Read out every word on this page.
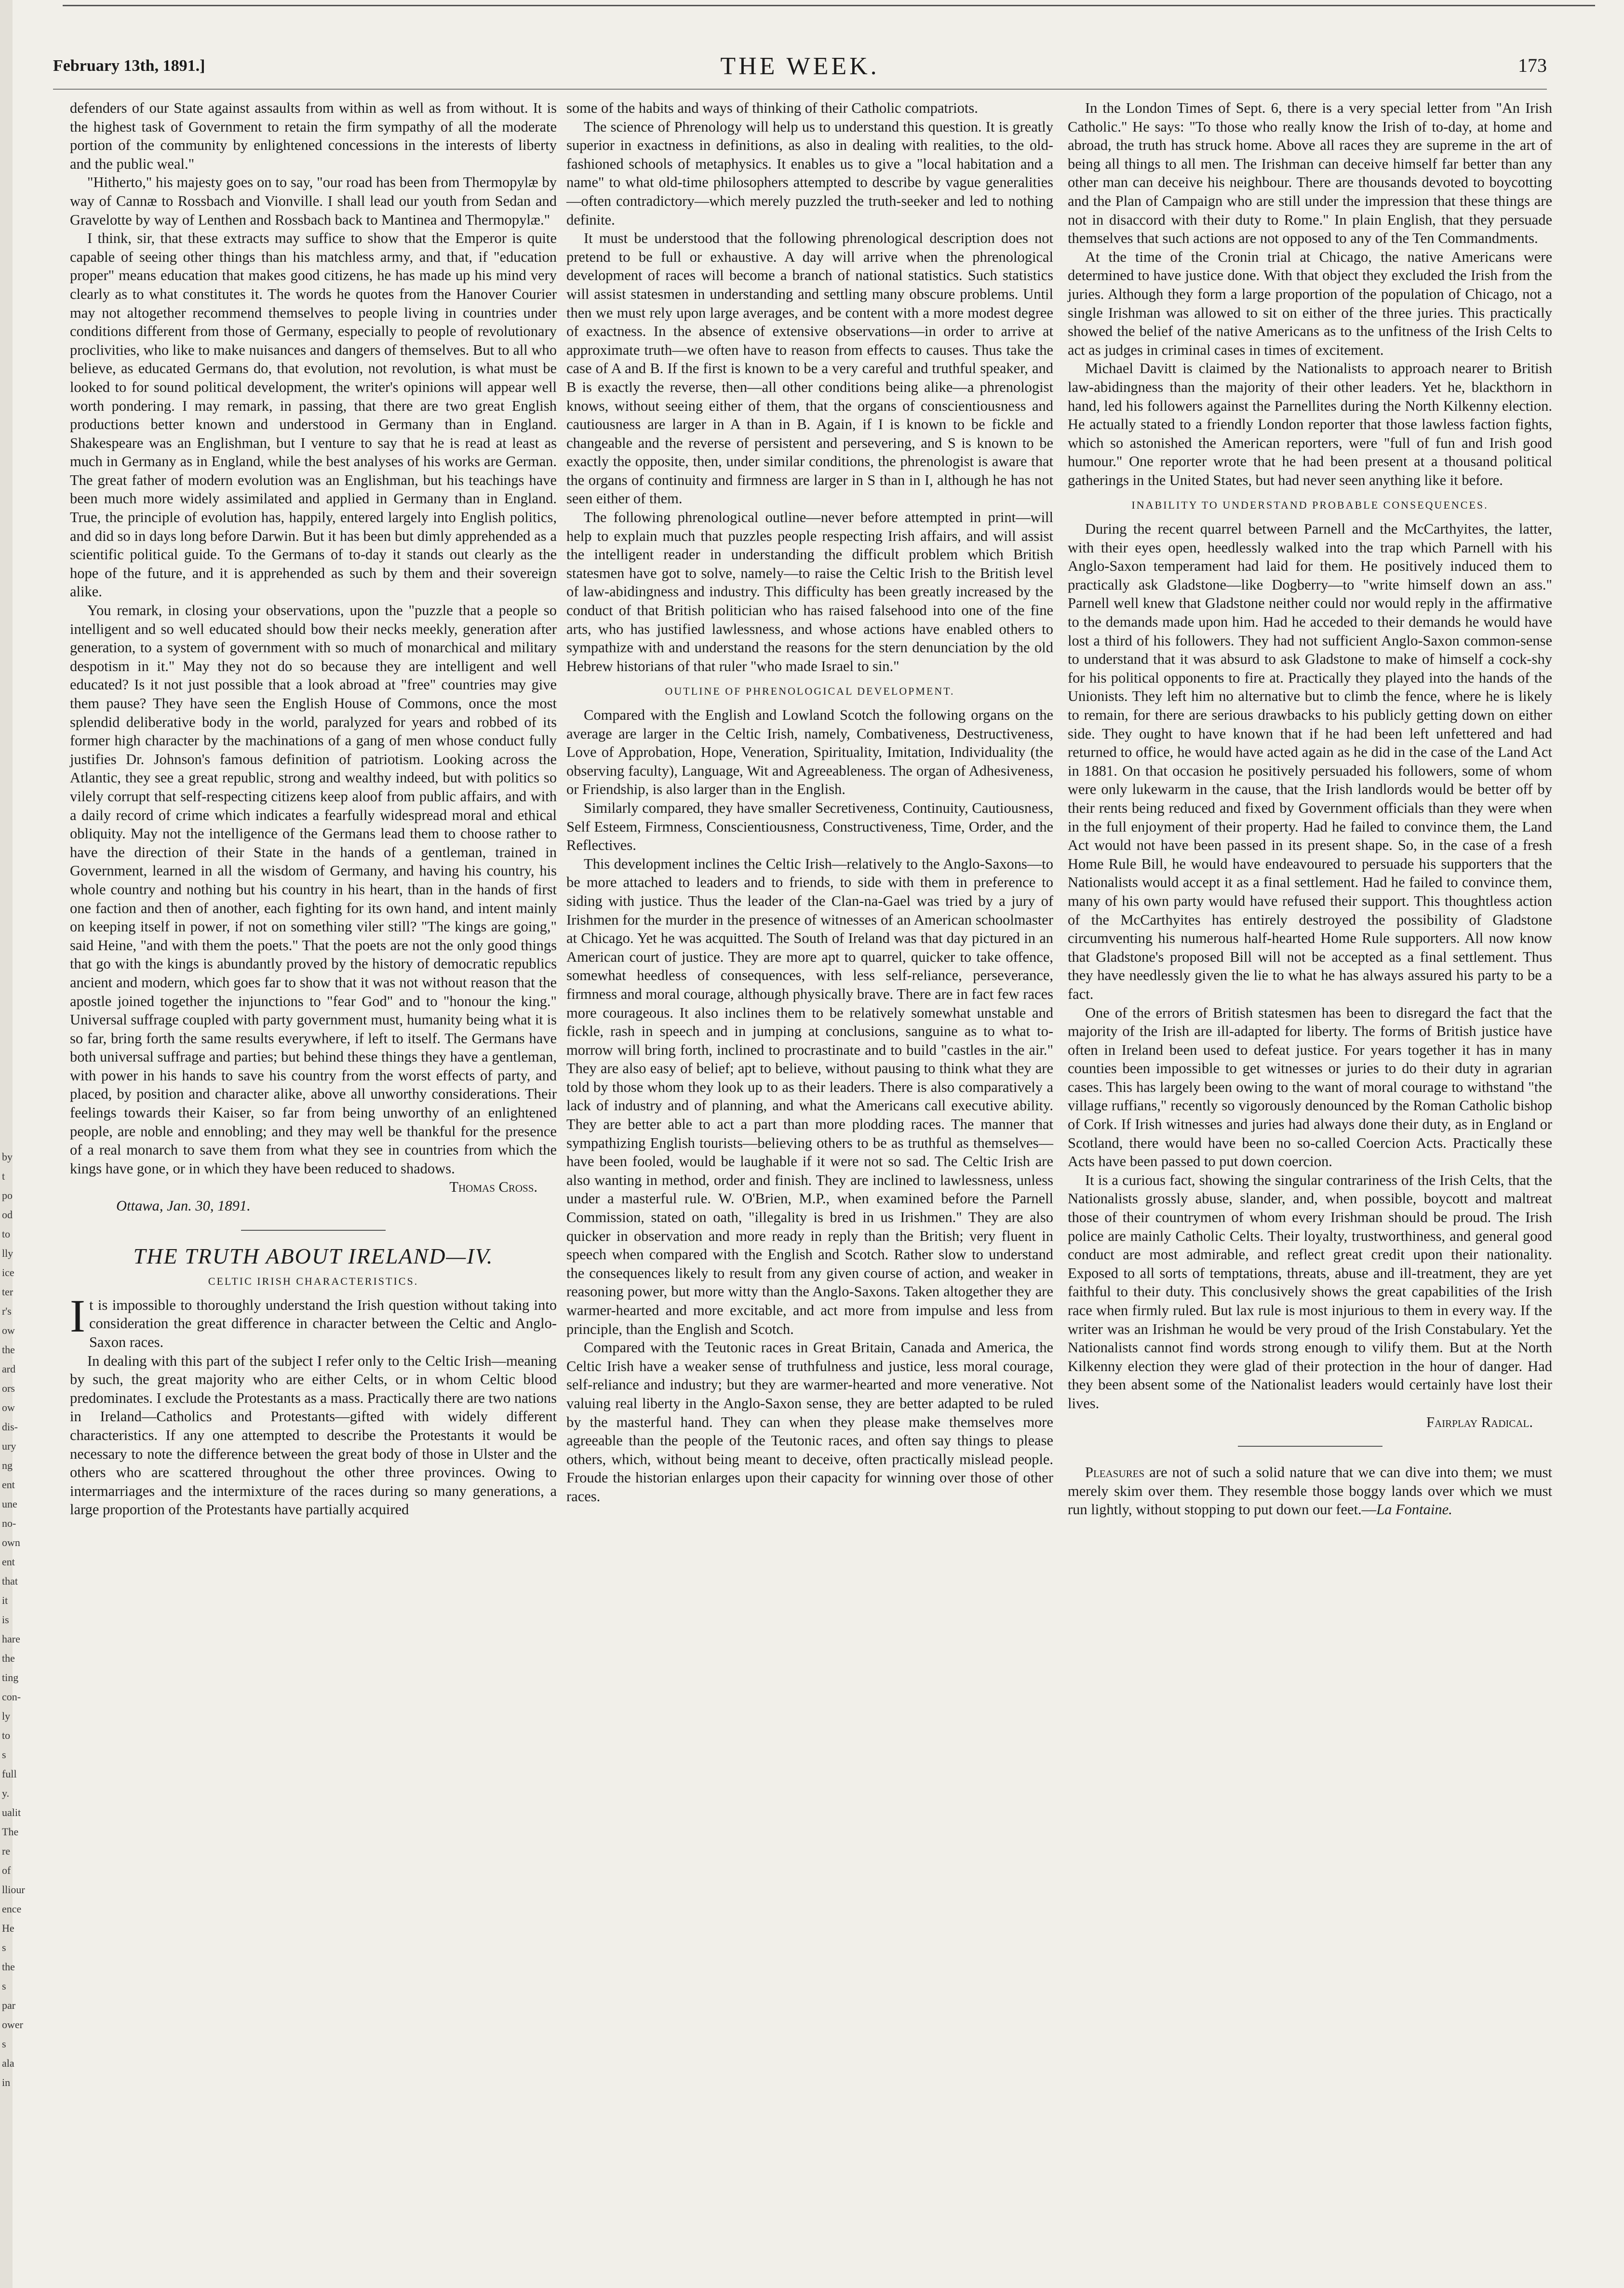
by
t
po
od
to
lly
ice
ter
r's
ow
the
ard
ors
ow
dis-
ury
ng
ent
une
no-
own
ent
that
it is
hare
the
ting
con-
ly to
s full
y.
ualit
The
re of
lliour
ence
He
s the
s par
ower
s ala
in
February 13th, 1891.]	THE WEEK.	173

defenders of our State against assaults from within as well as from without. It is the highest task of Government to retain the firm sympathy of all the moderate portion of the community by enlightened concessions in the interests of liberty and the public weal."

"Hitherto," his majesty goes on to say, "our road has been from Thermopylæ by way of Cannæ to Rossbach and Vionville. I shall lead our youth from Sedan and Gravelotte by way of Lenthen and Rossbach back to Mantinea and Thermopylæ."

I think, sir, that these extracts may suffice to show that the Emperor is quite capable of seeing other things than his matchless army, and that, if "education proper" means education that makes good citizens, he has made up his mind very clearly as to what constitutes it. The words he quotes from the Hanover Courier may not altogether recommend themselves to people living in countries under conditions different from those of Germany, especially to people of revolutionary proclivities, who like to make nuisances and dangers of themselves. But to all who believe, as educated Germans do, that evolution, not revolution, is what must be looked to for sound political development, the writer's opinions will appear well worth pondering. I may remark, in passing, that there are two great English productions better known and understood in Germany than in England. Shakespeare was an Englishman, but I venture to say that he is read at least as much in Germany as in England, while the best analyses of his works are German. The great father of modern evolution was an Englishman, but his teachings have been much more widely assimilated and applied in Germany than in England. True, the principle of evolution has, happily, entered largely into English politics, and did so in days long before Darwin. But it has been but dimly apprehended as a scientific political guide. To the Germans of to-day it stands out clearly as the hope of the future, and it is apprehended as such by them and their sovereign alike.

You remark, in closing your observations, upon the "puzzle that a people so intelligent and so well educated should bow their necks meekly, generation after generation, to a system of government with so much of monarchical and military despotism in it." May they not do so because they are intelligent and well educated? Is it not just possible that a look abroad at "free" countries may give them pause? They have seen the English House of Commons, once the most splendid deliberative body in the world, paralyzed for years and robbed of its former high character by the machinations of a gang of men whose conduct fully justifies Dr. Johnson's famous definition of patriotism. Looking across the Atlantic, they see a great republic, strong and wealthy indeed, but with politics so vilely corrupt that self-respecting citizens keep aloof from public affairs, and with a daily record of crime which indicates a fearfully widespread moral and ethical obliquity. May not the intelligence of the Germans lead them to choose rather to have the direction of their State in the hands of a gentleman, trained in Government, learned in all the wisdom of Germany, and having his country, his whole country and nothing but his country in his heart, than in the hands of first one faction and then of another, each fighting for its own hand, and intent mainly on keeping itself in power, if not on something viler still? "The kings are going," said Heine, "and with them the poets." That the poets are not the only good things that go with the kings is abundantly proved by the history of democratic republics ancient and modern, which goes far to show that it was not without reason that the apostle joined together the injunctions to "fear God" and to "honour the king." Universal suffrage coupled with party government must, humanity being what it is so far, bring forth the same results everywhere, if left to itself. The Germans have both universal suffrage and parties; but behind these things they have a gentleman, with power in his hands to save his country from the worst effects of party, and placed, by position and character alike, above all unworthy considerations. Their feelings towards their Kaiser, so far from being unworthy of an enlightened people, are noble and ennobling; and they may well be thankful for the presence of a real monarch to save them from what they see in countries from which the kings have gone, or in which they have been reduced to shadows.

Thomas Cross.

Ottawa, Jan. 30, 1891.

THE TRUTH ABOUT IRELAND—IV.
CELTIC IRISH CHARACTERISTICS.

It is impossible to thoroughly understand the Irish question without taking into consideration the great difference in character between the Celtic and Anglo-Saxon races.

In dealing with this part of the subject I refer only to the Celtic Irish—meaning by such, the great majority who are either Celts, or in whom Celtic blood predominates. I exclude the Protestants as a mass. Practically there are two nations in Ireland—Catholics and Protestants—gifted with widely different characteristics. If any one attempted to describe the Protestants it would be necessary to note the difference between the great body of those in Ulster and the others who are scattered throughout the other three provinces. Owing to intermarriages and the intermixture of the races during so many generations, a large proportion of the Protestants have partially acquired

some of the habits and ways of thinking of their Catholic compatriots.

The science of Phrenology will help us to understand this question. It is greatly superior in exactness in definitions, as also in dealing with realities, to the old-fashioned schools of metaphysics. It enables us to give a "local habitation and a name" to what old-time philosophers attempted to describe by vague generalities—often contradictory—which merely puzzled the truth-seeker and led to nothing definite.

It must be understood that the following phrenological description does not pretend to be full or exhaustive. A day will arrive when the phrenological development of races will become a branch of national statistics. Such statistics will assist statesmen in understanding and settling many obscure problems. Until then we must rely upon large averages, and be content with a more modest degree of exactness. In the absence of extensive observations—in order to arrive at approximate truth—we often have to reason from effects to causes. Thus take the case of A and B. If the first is known to be a very careful and truthful speaker, and B is exactly the reverse, then—all other conditions being alike—a phrenologist knows, without seeing either of them, that the organs of conscientiousness and cautiousness are larger in A than in B. Again, if I is known to be fickle and changeable and the reverse of persistent and persevering, and S is known to be exactly the opposite, then, under similar conditions, the phrenologist is aware that the organs of continuity and firmness are larger in S than in I, although he has not seen either of them.

The following phrenological outline—never before attempted in print—will help to explain much that puzzles people respecting Irish affairs, and will assist the intelligent reader in understanding the difficult problem which British statesmen have got to solve, namely—to raise the Celtic Irish to the British level of law-abidingness and industry. This difficulty has been greatly increased by the conduct of that British politician who has raised falsehood into one of the fine arts, who has justified lawlessness, and whose actions have enabled others to sympathize with and understand the reasons for the stern denunciation by the old Hebrew historians of that ruler "who made Israel to sin."

OUTLINE OF PHRENOLOGICAL DEVELOPMENT.

Compared with the English and Lowland Scotch the following organs on the average are larger in the Celtic Irish, namely, Combativeness, Destructiveness, Love of Approbation, Hope, Veneration, Spirituality, Imitation, Individuality (the observing faculty), Language, Wit and Agreeableness. The organ of Adhesiveness, or Friendship, is also larger than in the English.

Similarly compared, they have smaller Secretiveness, Continuity, Cautiousness, Self Esteem, Firmness, Conscientiousness, Constructiveness, Time, Order, and the Reflectives.

This development inclines the Celtic Irish—relatively to the Anglo-Saxons—to be more attached to leaders and to friends, to side with them in preference to siding with justice. Thus the leader of the Clan-na-Gael was tried by a jury of Irishmen for the murder in the presence of witnesses of an American schoolmaster at Chicago. Yet he was acquitted. The South of Ireland was that day pictured in an American court of justice. They are more apt to quarrel, quicker to take offence, somewhat heedless of consequences, with less self-reliance, perseverance, firmness and moral courage, although physically brave. There are in fact few races more courageous. It also inclines them to be relatively somewhat unstable and fickle, rash in speech and in jumping at conclusions, sanguine as to what to-morrow will bring forth, inclined to procrastinate and to build "castles in the air." They are also easy of belief; apt to believe, without pausing to think what they are told by those whom they look up to as their leaders. There is also comparatively a lack of industry and of planning, and what the Americans call executive ability. They are better able to act a part than more plodding races. The manner that sympathizing English tourists—believing others to be as truthful as themselves—have been fooled, would be laughable if it were not so sad. The Celtic Irish are also wanting in method, order and finish. They are inclined to lawlessness, unless under a masterful rule. W. O'Brien, M.P., when examined before the Parnell Commission, stated on oath, "illegality is bred in us Irishmen." They are also quicker in observation and more ready in reply than the British; very fluent in speech when compared with the English and Scotch. Rather slow to understand the consequences likely to result from any given course of action, and weaker in reasoning power, but more witty than the Anglo-Saxons. Taken altogether they are warmer-hearted and more excitable, and act more from impulse and less from principle, than the English and Scotch.

Compared with the Teutonic races in Great Britain, Canada and America, the Celtic Irish have a weaker sense of truthfulness and justice, less moral courage, self-reliance and industry; but they are warmer-hearted and more venerative. Not valuing real liberty in the Anglo-Saxon sense, they are better adapted to be ruled by the masterful hand. They can when they please make themselves more agreeable than the people of the Teutonic races, and often say things to please others, which, without being meant to deceive, often practically mislead people. Froude the historian enlarges upon their capacity for winning over those of other races.

In the London Times of Sept. 6, there is a very special letter from "An Irish Catholic." He says: "To those who really know the Irish of to-day, at home and abroad, the truth has struck home. Above all races they are supreme in the art of being all things to all men. The Irishman can deceive himself far better than any other man can deceive his neighbour. There are thousands devoted to boycotting and the Plan of Campaign who are still under the impression that these things are not in disaccord with their duty to Rome." In plain English, that they persuade themselves that such actions are not opposed to any of the Ten Commandments.

At the time of the Cronin trial at Chicago, the native Americans were determined to have justice done. With that object they excluded the Irish from the juries. Although they form a large proportion of the population of Chicago, not a single Irishman was allowed to sit on either of the three juries. This practically showed the belief of the native Americans as to the unfitness of the Irish Celts to act as judges in criminal cases in times of excitement.

Michael Davitt is claimed by the Nationalists to approach nearer to British law-abidingness than the majority of their other leaders. Yet he, blackthorn in hand, led his followers against the Parnellites during the North Kilkenny election. He actually stated to a friendly London reporter that those lawless faction fights, which so astonished the American reporters, were "full of fun and Irish good humour." One reporter wrote that he had been present at a thousand political gatherings in the United States, but had never seen anything like it before.

INABILITY TO UNDERSTAND PROBABLE CONSEQUENCES.

During the recent quarrel between Parnell and the McCarthyites, the latter, with their eyes open, heedlessly walked into the trap which Parnell with his Anglo-Saxon temperament had laid for them. He positively induced them to practically ask Gladstone—like Dogberry—to "write himself down an ass." Parnell well knew that Gladstone neither could nor would reply in the affirmative to the demands made upon him. Had he acceded to their demands he would have lost a third of his followers. They had not sufficient Anglo-Saxon common-sense to understand that it was absurd to ask Gladstone to make of himself a cock-shy for his political opponents to fire at. Practically they played into the hands of the Unionists. They left him no alternative but to climb the fence, where he is likely to remain, for there are serious drawbacks to his publicly getting down on either side. They ought to have known that if he had been left unfettered and had returned to office, he would have acted again as he did in the case of the Land Act in 1881. On that occasion he positively persuaded his followers, some of whom were only lukewarm in the cause, that the Irish landlords would be better off by their rents being reduced and fixed by Government officials than they were when in the full enjoyment of their property. Had he failed to convince them, the Land Act would not have been passed in its present shape. So, in the case of a fresh Home Rule Bill, he would have endeavoured to persuade his supporters that the Nationalists would accept it as a final settlement. Had he failed to convince them, many of his own party would have refused their support. This thoughtless action of the McCarthyites has entirely destroyed the possibility of Gladstone circumventing his numerous half-hearted Home Rule supporters. All now know that Gladstone's proposed Bill will not be accepted as a final settlement. Thus they have needlessly given the lie to what he has always assured his party to be a fact.

One of the errors of British statesmen has been to disregard the fact that the majority of the Irish are ill-adapted for liberty. The forms of British justice have often in Ireland been used to defeat justice. For years together it has in many counties been impossible to get witnesses or juries to do their duty in agrarian cases. This has largely been owing to the want of moral courage to withstand "the village ruffians," recently so vigorously denounced by the Roman Catholic bishop of Cork. If Irish witnesses and juries had always done their duty, as in England or Scotland, there would have been no so-called Coercion Acts. Practically these Acts have been passed to put down coercion.

It is a curious fact, showing the singular contrariness of the Irish Celts, that the Nationalists grossly abuse, slander, and, when possible, boycott and maltreat those of their countrymen of whom every Irishman should be proud. The Irish police are mainly Catholic Celts. Their loyalty, trustworthiness, and general good conduct are most admirable, and reflect great credit upon their nationality. Exposed to all sorts of temptations, threats, abuse and ill-treatment, they are yet faithful to their duty. This conclusively shows the great capabilities of the Irish race when firmly ruled. But lax rule is most injurious to them in every way. If the writer was an Irishman he would be very proud of the Irish Constabulary. Yet the Nationalists cannot find words strong enough to vilify them. But at the North Kilkenny election they were glad of their protection in the hour of danger. Had they been absent some of the Nationalist leaders would certainly have lost their lives.

Fairplay Radical.

Pleasures are not of such a solid nature that we can dive into them; we must merely skim over them. They resemble those boggy lands over which we must run lightly, without stopping to put down our feet.—La Fontaine.
